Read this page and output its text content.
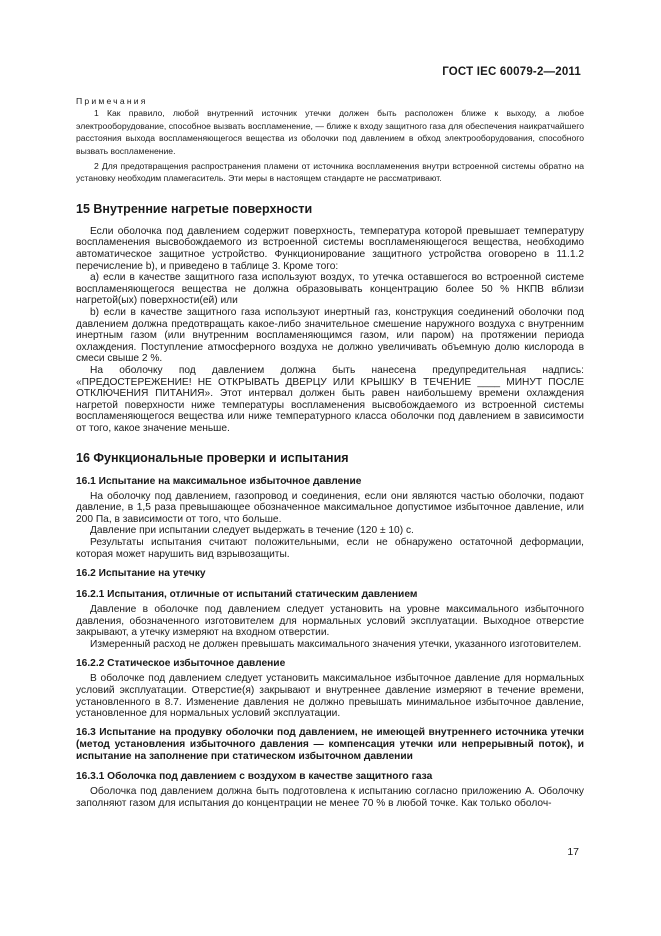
ГОСТ IEC 60079-2—2011

Примечания

1 Как правило, любой внутренний источник утечки должен быть расположен ближе к выходу, а любое электрооборудование, способное вызвать воспламенение, — ближе к входу защитного газа для обеспечения наикратчайшего расстояния выхода воспламеняющегося вещества из оболочки под давлением в обход электрооборудования, способного вызвать воспламенение.

2 Для предотвращения распространения пламени от источника воспламенения внутри встроенной системы обратно на установку необходим пламегаситель. Эти меры в настоящем стандарте не рассматривают.

15 Внутренние нагретые поверхности

Если оболочка под давлением содержит поверхность, температура которой превышает температуру воспламенения высвобождаемого из встроенной системы воспламеняющегося вещества, необходимо автоматическое защитное устройство. Функционирование защитного устройства оговорено в 11.1.2 перечисление b), и приведено в таблице 3. Кроме того:

a) если в качестве защитного газа используют воздух, то утечка оставшегося во встроенной системе воспламеняющегося вещества не должна образовывать концентрацию более 50 % НКПВ вблизи нагретой(ых) поверхности(ей) или

b) если в качестве защитного газа используют инертный газ, конструкция соединений оболочки под давлением должна предотвращать какое-либо значительное смешение наружного воздуха с внутренним инертным газом (или внутренним воспламеняющимся газом, или паром) на протяжении периода охлаждения. Поступление атмосферного воздуха не должно увеличивать объемную долю кислорода в смеси свыше 2 %.

На оболочку под давлением должна быть нанесена предупредительная надпись: «ПРЕДОСТЕРЕЖЕНИЕ! НЕ ОТКРЫВАТЬ ДВЕРЦУ ИЛИ КРЫШКУ В ТЕЧЕНИЕ ____ МИНУТ ПОСЛЕ ОТКЛЮЧЕНИЯ ПИТАНИЯ». Этот интервал должен быть равен наибольшему времени охлаждения нагретой поверхности ниже температуры воспламенения высвобождаемого из встроенной системы воспламеняющегося вещества или ниже температурного класса оболочки под давлением в зависимости от того, какое значение меньше.

16 Функциональные проверки и испытания
16.1 Испытание на максимальное избыточное давление

На оболочку под давлением, газопровод и соединения, если они являются частью оболочки, подают давление, в 1,5 раза превышающее обозначенное максимальное допустимое избыточное давление, или 200 Па, в зависимости от того, что больше.

Давление при испытании следует выдержать в течение (120 ± 10) с.

Результаты испытания считают положительными, если не обнаружено остаточной деформации, которая может нарушить вид взрывозащиты.

16.2 Испытание на утечку
16.2.1 Испытания, отличные от испытаний статическим давлением

Давление в оболочке под давлением следует установить на уровне максимального избыточного давления, обозначенного изготовителем для нормальных условий эксплуатации. Выходное отверстие закрывают, а утечку измеряют на входном отверстии.

Измеренный расход не должен превышать максимального значения утечки, указанного изготовителем.

16.2.2 Статическое избыточное давление

В оболочке под давлением следует установить максимальное избыточное давление для нормальных условий эксплуатации. Отверстие(я) закрывают и внутреннее давление измеряют в течение времени, установленного в 8.7. Изменение давления не должно превышать минимальное избыточное давление, установленное для нормальных условий эксплуатации.

16.3 Испытание на продувку оболочки под давлением, не имеющей внутреннего источника утечки (метод установления избыточного давления — компенсация утечки или непрерывный поток), и испытание на заполнение при статическом избыточном давлении
16.3.1 Оболочка под давлением с воздухом в качестве защитного газа

Оболочка под давлением должна быть подготовлена к испытанию согласно приложению А. Оболочку заполняют газом для испытания до концентрации не менее 70 % в любой точке. Как только оболоч-

17
